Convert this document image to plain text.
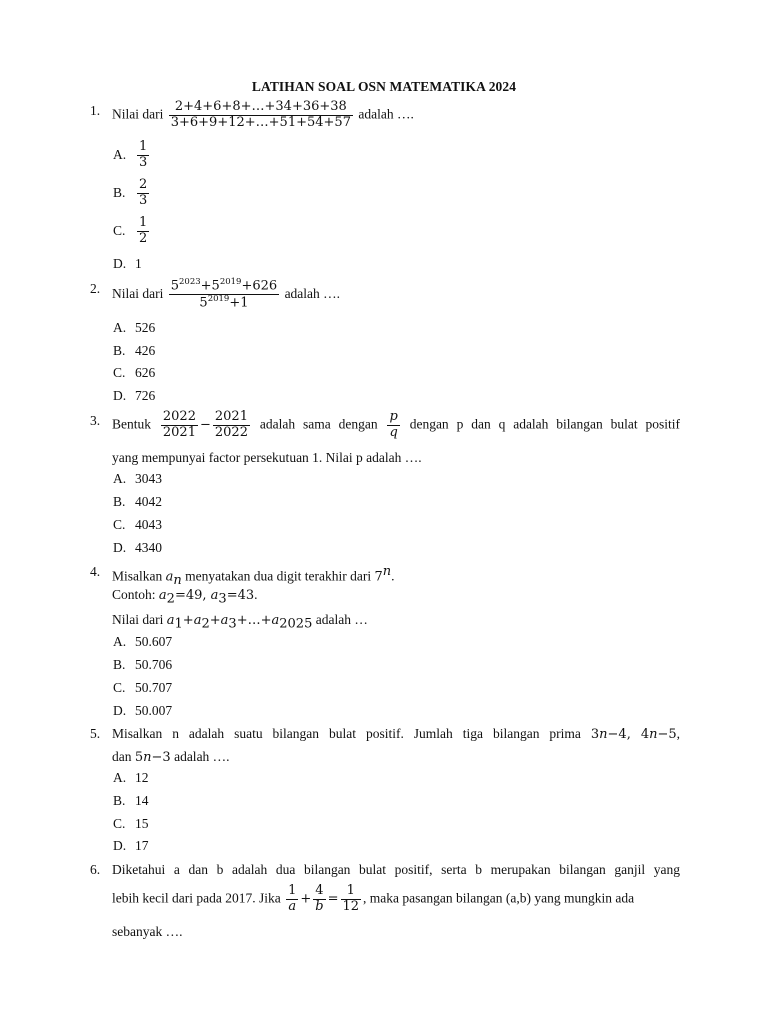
LATIHAN SOAL OSN MATEMATIKA 2024
1. Nilai dari $\frac{2+4+6+8+\dots+34+36+38}{3+6+9+12+\dots+51+54+57}$ adalah ….
A. $\frac{1}{3}$
B. $\frac{2}{3}$
C. $\frac{1}{2}$
D. 1
2. Nilai dari $\frac{5^{2023}+5^{2019}+626}{5^{2019}+1}$ adalah ….
A. 526
B. 426
C. 626
D. 726
3. Bentuk $\frac{2022}{2021} - \frac{2021}{2022}$ adalah sama dengan $\frac{p}{q}$ dengan p dan q adalah bilangan bulat positif
yang mempunyai factor persekutuan 1. Nilai p adalah ….
A. 3043
B. 4042
C. 4043
D. 4340
4. Misalkan $a_n$ menyatakan dua digit terakhir dari 7$^n$.
Contoh: $a_2=49$, $a_3=43$.
Nilai dari $a_1+a_2+a_3+\dots+a_{2025}$ adalah …
A. 50.607
B. 50.706
C. 50.707
D. 50.007
5. Misalkan n adalah suatu bilangan bulat positif. Jumlah tiga bilangan prima 3n−4, 4n−5,
dan 5n−3 adalah ….
A. 12
B. 14
C. 15
D. 17
6. Diketahui a dan b adalah dua bilangan bulat positif, serta b merupakan bilangan ganjil yang
lebih kecil dari pada 2017. Jika $\frac{1}{a} + \frac{4}{b} = \frac{1}{12}$ , maka pasangan bilangan (a,b) yang mungkin ada
sebanyak ….
